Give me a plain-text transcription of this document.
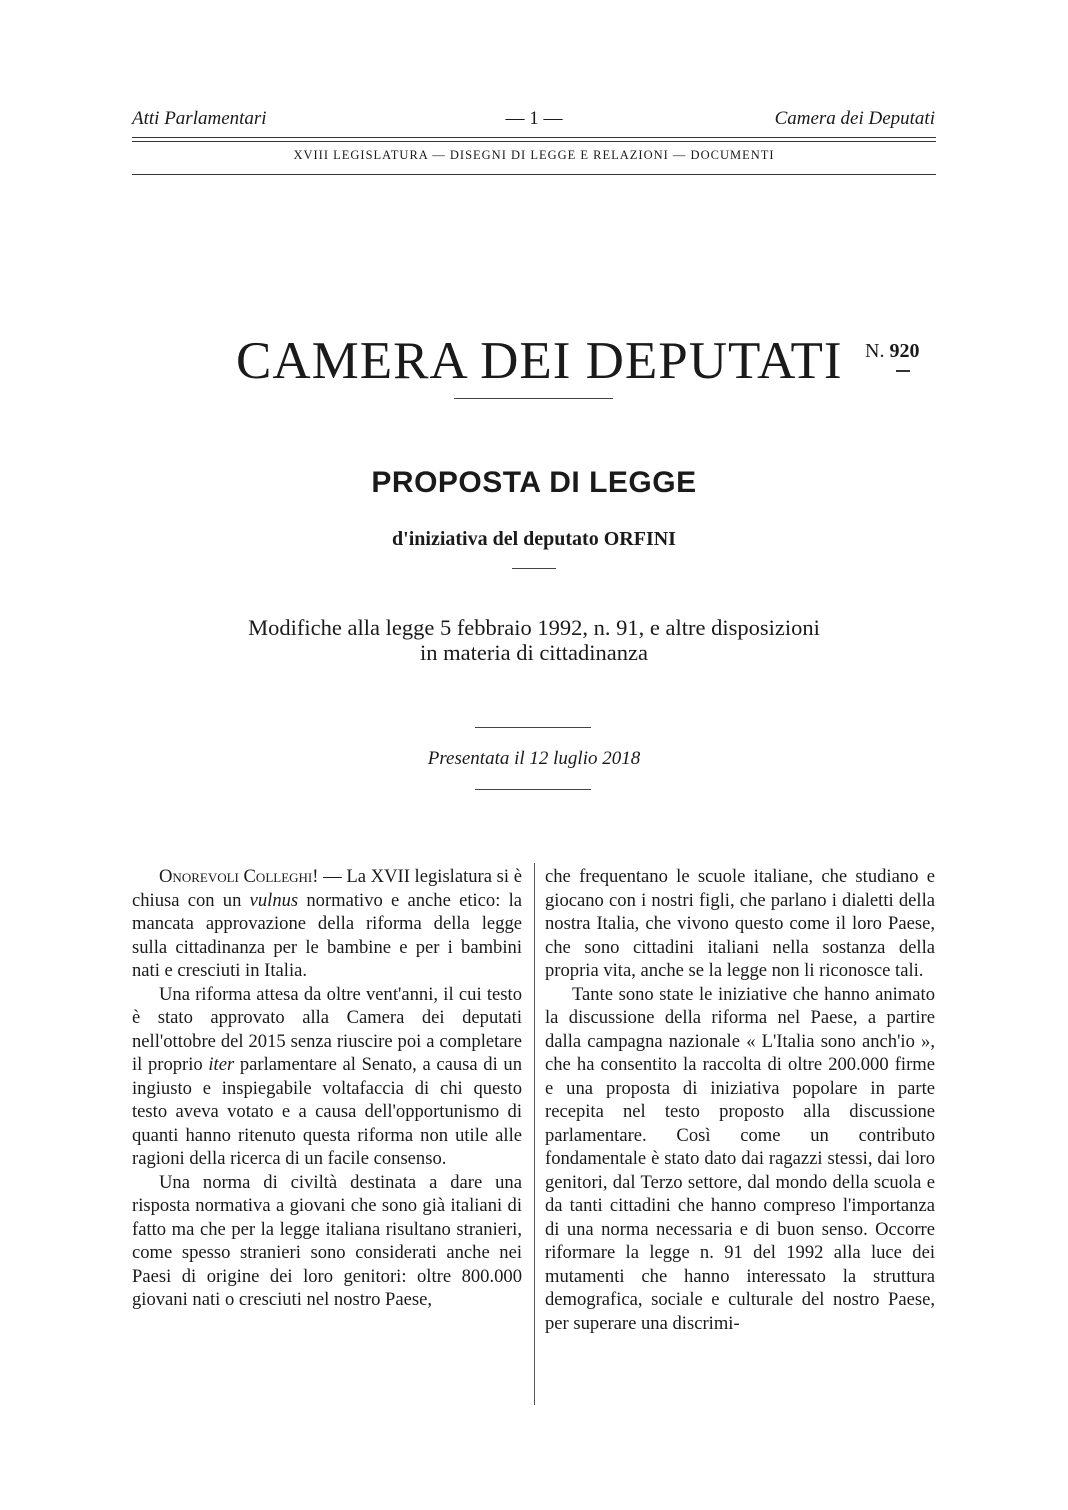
Atti Parlamentari	— 1 —	Camera dei Deputati
XVIII LEGISLATURA — DISEGNI DI LEGGE E RELAZIONI — DOCUMENTI
CAMERA DEI DEPUTATI N. 920
PROPOSTA DI LEGGE
d'iniziativa del deputato ORFINI
Modifiche alla legge 5 febbraio 1992, n. 91, e altre disposizioni
in materia di cittadinanza
Presentata il 12 luglio 2018

Onorevoli Colleghi! — La XVII legislatura si è chiusa con un vulnus normativo e anche etico: la mancata approvazione della riforma della legge sulla cittadinanza per le bambine e per i bambini nati e cresciuti in Italia.

Una riforma attesa da oltre vent'anni, il cui testo è stato approvato alla Camera dei deputati nell'ottobre del 2015 senza riuscire poi a completare il proprio iter parlamentare al Senato, a causa di un ingiusto e inspiegabile voltafaccia di chi questo testo aveva votato e a causa dell'opportunismo di quanti hanno ritenuto questa riforma non utile alle ragioni della ricerca di un facile consenso.

Una norma di civiltà destinata a dare una risposta normativa a giovani che sono già italiani di fatto ma che per la legge italiana risultano stranieri, come spesso stranieri sono considerati anche nei Paesi di origine dei loro genitori: oltre 800.000 giovani nati o cresciuti nel nostro Paese,

che frequentano le scuole italiane, che studiano e giocano con i nostri figli, che parlano i dialetti della nostra Italia, che vivono questo come il loro Paese, che sono cittadini italiani nella sostanza della propria vita, anche se la legge non li riconosce tali.

Tante sono state le iniziative che hanno animato la discussione della riforma nel Paese, a partire dalla campagna nazionale « L'Italia sono anch'io », che ha consentito la raccolta di oltre 200.000 firme e una proposta di iniziativa popolare in parte recepita nel testo proposto alla discussione parlamentare. Così come un contributo fondamentale è stato dato dai ragazzi stessi, dai loro genitori, dal Terzo settore, dal mondo della scuola e da tanti cittadini che hanno compreso l'importanza di una norma necessaria e di buon senso. Occorre riformare la legge n. 91 del 1992 alla luce dei mutamenti che hanno interessato la struttura demografica, sociale e culturale del nostro Paese, per superare una discrimi-
